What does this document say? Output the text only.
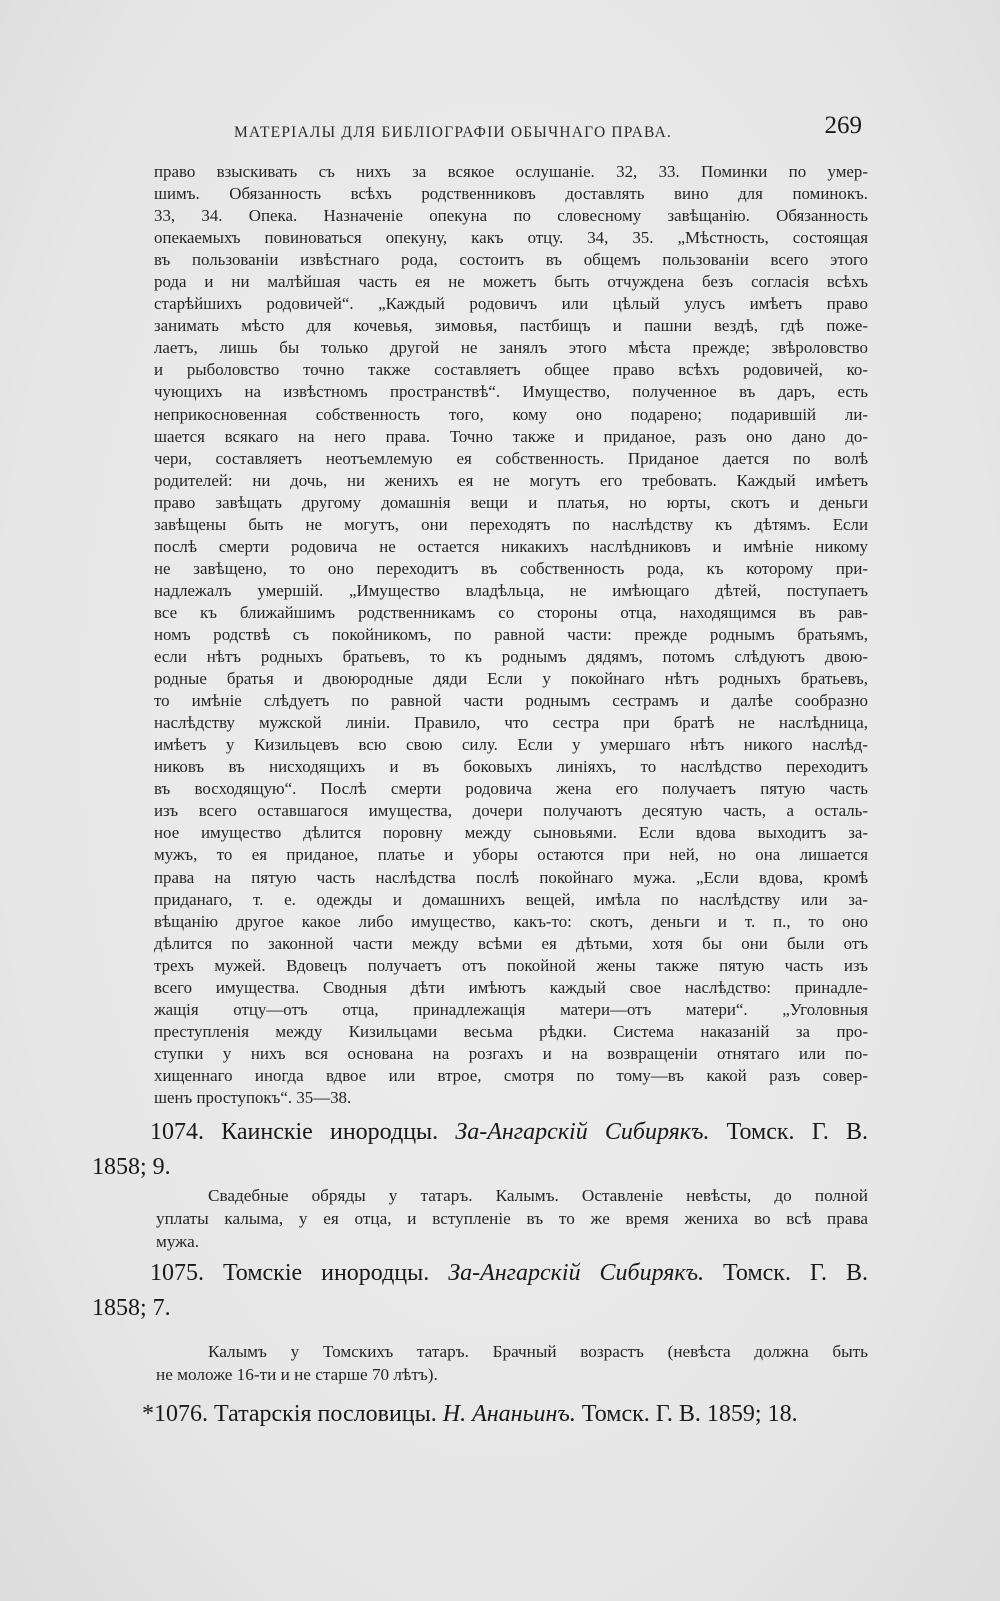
МАТЕРІАЛЫ ДЛЯ БИБЛІОГРАФІИ ОБЫЧНАГО ПРАВА.	269

право взыскивать съ нихъ за всякое ослушаніе. 32, 33. Поминки по умер-
шимъ. Обязанность всѣхъ родственниковъ доставлять вино для поминокъ.
33, 34. Опека. Назначеніе опекуна по словесному завѣщанію. Обязанность
опекаемыхъ повиноваться опекуну, какъ отцу. 34, 35. „Мѣстность, состоящая
въ пользованіи извѣстнаго рода, состоитъ въ общемъ пользованіи всего этого
рода и ни малѣйшая часть ея не можетъ быть отчуждена безъ согласія всѣхъ
старѣйшихъ родовичей“. „Каждый родовичъ или цѣлый улусъ имѣетъ право
занимать мѣсто для кочевья, зимовья, пастбищъ и пашни вездѣ, гдѣ поже-
лаетъ, лишь бы только другой не занялъ этого мѣста прежде; звѣроловство
и рыболовство точно также составляетъ общее право всѣхъ родовичей, ко-
чующихъ на извѣстномъ пространствѣ“. Имущество, полученное въ даръ, есть
неприкосновенная собственность того, кому оно подарено; подарившій ли-
шается всякаго на него права. Точно также и приданое, разъ оно дано до-
чери, составляетъ неотъемлемую ея собственность. Приданое дается по волѣ
родителей: ни дочь, ни женихъ ея не могутъ его требовать. Каждый имѣетъ
право завѣщать другому домашнія вещи и платья, но юрты, скотъ и деньги
завѣщены быть не могутъ, они переходятъ по наслѣдству къ дѣтямъ. Если
послѣ смерти родовича не остается никакихъ наслѣдниковъ и имѣніе никому
не завѣщено, то оно переходитъ въ собственность рода, къ которому при-
надлежалъ умершій. „Имущество владѣльца, не имѣющаго дѣтей, поступаетъ
все къ ближайшимъ родственникамъ со стороны отца, находящимся въ рав-
номъ родствѣ съ покойникомъ, по равной части: прежде роднымъ братьямъ,
если нѣтъ родныхъ братьевъ, то къ роднымъ дядямъ, потомъ слѣдуютъ двою-
родные братья и двоюродные дяди Если у покойнаго нѣтъ родныхъ братьевъ,
то имѣніе слѣдуетъ по равной части роднымъ сестрамъ и далѣе сообразно
наслѣдству мужской линіи. Правило, что сестра при братѣ не наслѣдница,
имѣетъ у Кизильцевъ всю свою силу. Если у умершаго нѣтъ никого наслѣд-
никовъ въ нисходящихъ и въ боковыхъ линіяхъ, то наслѣдство переходитъ
въ восходящую“. Послѣ смерти родовича жена его получаетъ пятую часть
изъ всего оставшагося имущества, дочери получаютъ десятую часть, а осталь-
ное имущество дѣлится поровну между сыновьями. Если вдова выходитъ за-
мужъ, то ея приданое, платье и уборы остаются при ней, но она лишается
права на пятую часть наслѣдства послѣ покойнаго мужа. „Если вдова, кромѣ
приданаго, т. е. одежды и домашнихъ вещей, имѣла по наслѣдству или за-
вѣщанію другое какое либо имущество, какъ-то: скотъ, деньги и т. п., то оно
дѣлится по законной части между всѣми ея дѣтьми, хотя бы они были отъ
трехъ мужей. Вдовецъ получаетъ отъ покойной жены также пятую часть изъ
всего имущества. Сводныя дѣти имѣютъ каждый свое наслѣдство: принадле-
жащія отцу—отъ отца, принадлежащія матери—отъ матери“. „Уголовныя
преступленія между Кизильцами весьма рѣдки. Система наказаній за про-
ступки у нихъ вся основана на розгахъ и на возвращеніи отнятаго или по-
хищеннаго иногда вдвое или втрое, смотря по тому—въ какой разъ совер-
шенъ проступокъ“. 35—38.

1074. Каинскіе инородцы. За-Ангарскій Сибирякъ. Томск. Г. В.
1858; 9.
Свадебные обряды у татаръ. Калымъ. Оставленіе невѣсты, до полной
уплаты калыма, у ея отца, и вступленіе въ то же время жениха во всѣ права
мужа.
1075. Томскіе инородцы. За-Ангарскій Сибирякъ. Томск. Г. В.
1858; 7.
Калымъ у Томскихъ татаръ. Брачный возрастъ (невѣста должна быть
не моложе 16-ти и не старше 70 лѣтъ).
*1076. Татарскія пословицы. Н. Ананьинъ. Томск. Г. В. 1859; 18.
